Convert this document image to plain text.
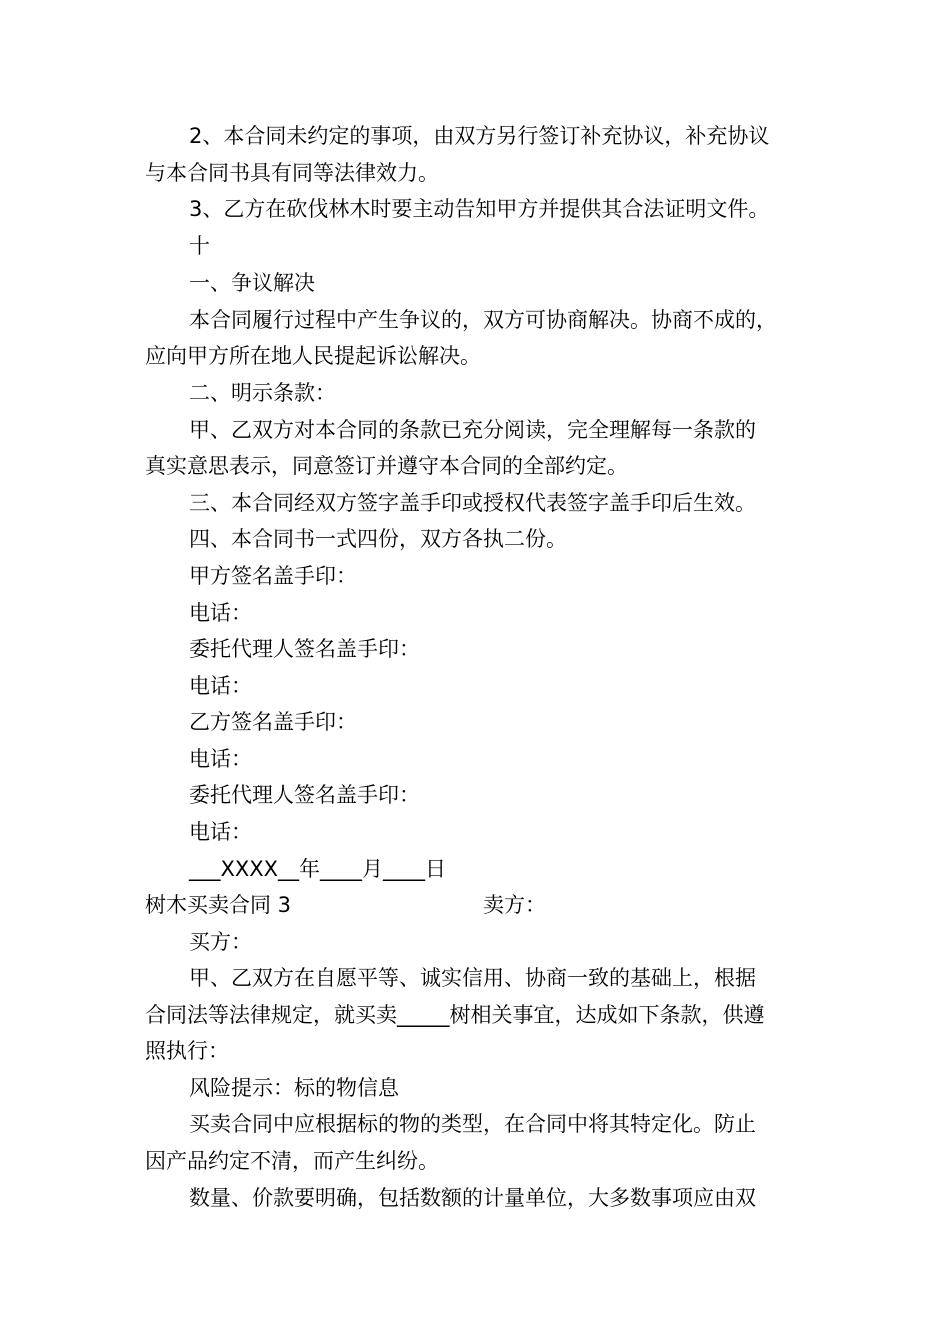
2、本合同未约定的事项，由双方另行签订补充协议，补充协议
与本合同书具有同等法律效力。
3、乙方在砍伐林木时要主动告知甲方并提供其合法证明文件。
十
一、争议解决
本合同履行过程中产生争议的，双方可协商解决。协商不成的，
应向甲方所在地人民提起诉讼解决。
二、明示条款：
甲、乙双方对本合同的条款已充分阅读，完全理解每一条款的
真实意思表示，同意签订并遵守本合同的全部约定。
三、本合同经双方签字盖手印或授权代表签字盖手印后生效。
四、本合同书一式四份，双方各执二份。
甲方签名盖手印：
电话：
委托代理人签名盖手印：
电话：
乙方签名盖手印：
电话：
委托代理人签名盖手印：
电话：
___XXXX__年____月____日
树木买卖合同 3	卖方：
买方：
甲、乙双方在自愿平等、诚实信用、协商一致的基础上，根据
合同法等法律规定，就买卖_____树相关事宜，达成如下条款，供遵
照执行：
风险提示：标的物信息
买卖合同中应根据标的物的类型，在合同中将其特定化。防止
因产品约定不清，而产生纠纷。
数量、价款要明确，包括数额的计量单位，大多数事项应由双
